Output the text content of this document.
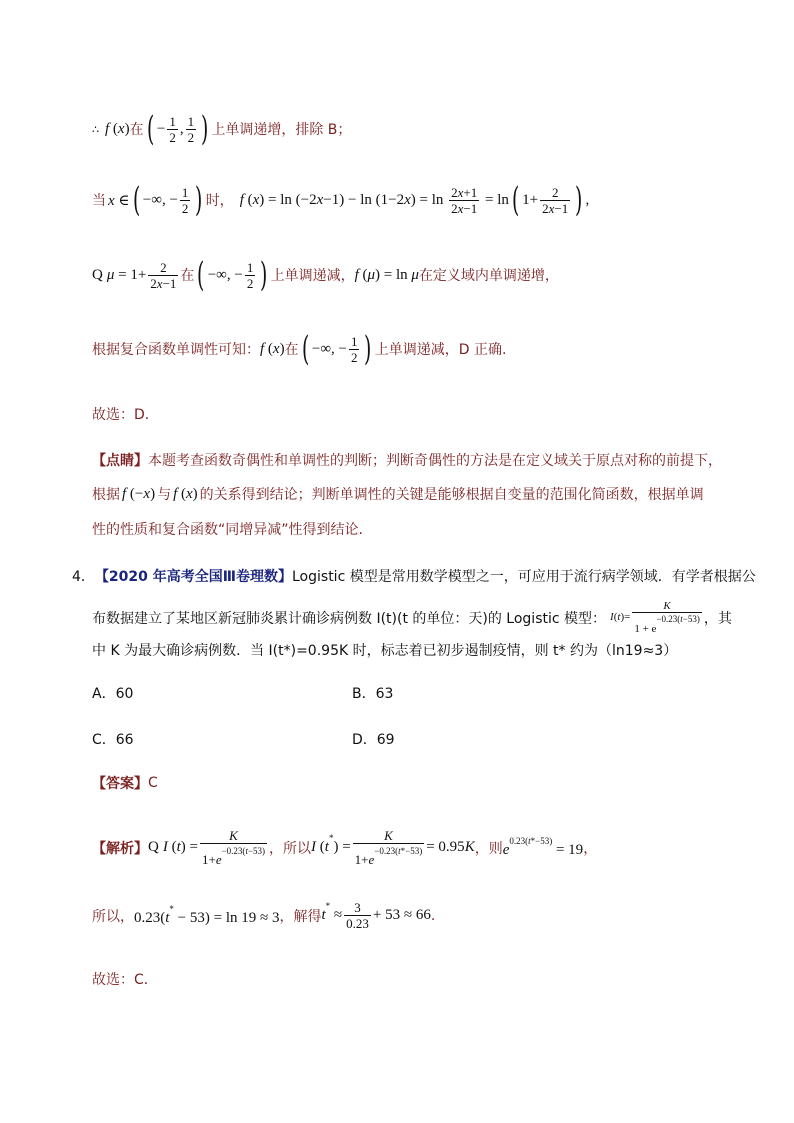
∴ f (x) 在 ( − $\frac{1}{2}$ , $\frac{1}{2}$ ) 上单调递增，排除 B；
当 x ∈ ( −∞, − $\frac{1}{2}$ ) 时， f $(x) = \ln (-2x-1) - \ln (1-2x) = \ln \frac{2x+1}{2x-1} = \ln$ ( $1+ \frac{2}{2x-1}$ ) ,
Q $\mu = 1+ \frac{2}{2x-1}$ 在 ( −∞, − $\frac{1}{2}$ ) 上单调递减， f (μ) = ln μ 在定义域内单调递增，
根据复合函数单调性可知： f (x) 在 ( −∞, − $\frac{1}{2}$ ) 上单调递减，D 正确.
故选：D．
【点睛】 本题考查函数奇偶性和单调性的判断；判断奇偶性的方法是在定义域关于原点对称的前提下，
根据 f (−x) 与 f (x) 的关系得到结论；判断单调性的关键是能够根据自变量的范围化简函数，根据单调
性的性质和复合函数“同增异减”性得到结论.
4． 【2020 年高考全国Ⅲ卷理数】 Logistic 模型是常用数学模型之一，可应用于流行病学领域．有学者根据公
布数据建立了某地区新冠肺炎累计确诊病例数 I(t)(t 的单位：天)的 Logistic 模型： $I(t)= \frac{K}{1 + e^{-0.23(t-53)}}$ ，其
中 K 为最大确诊病例数．当 I(t*)=0.95K 时，标志着已初步遏制疫情，则 t* 约为（ln19≈3）
A．60	B．63
C．66	D．69
【答案】 C
【解析】 Q I $(t) = \frac{K}{1+e^{-0.23(t-53)}}$ ，所以 I $(t^*) = \frac{K}{1+e^{-0.23(t*-53)}} = 0.95K$ ，则 $e^{0.23(t*-53)} = 19$ ，
所以， 0.23(t* − 53) = ln 19 ≈ 3 ，解得 $t^* \approx \frac{3}{0.23} + 53 \approx 66$ .
故选：C．
